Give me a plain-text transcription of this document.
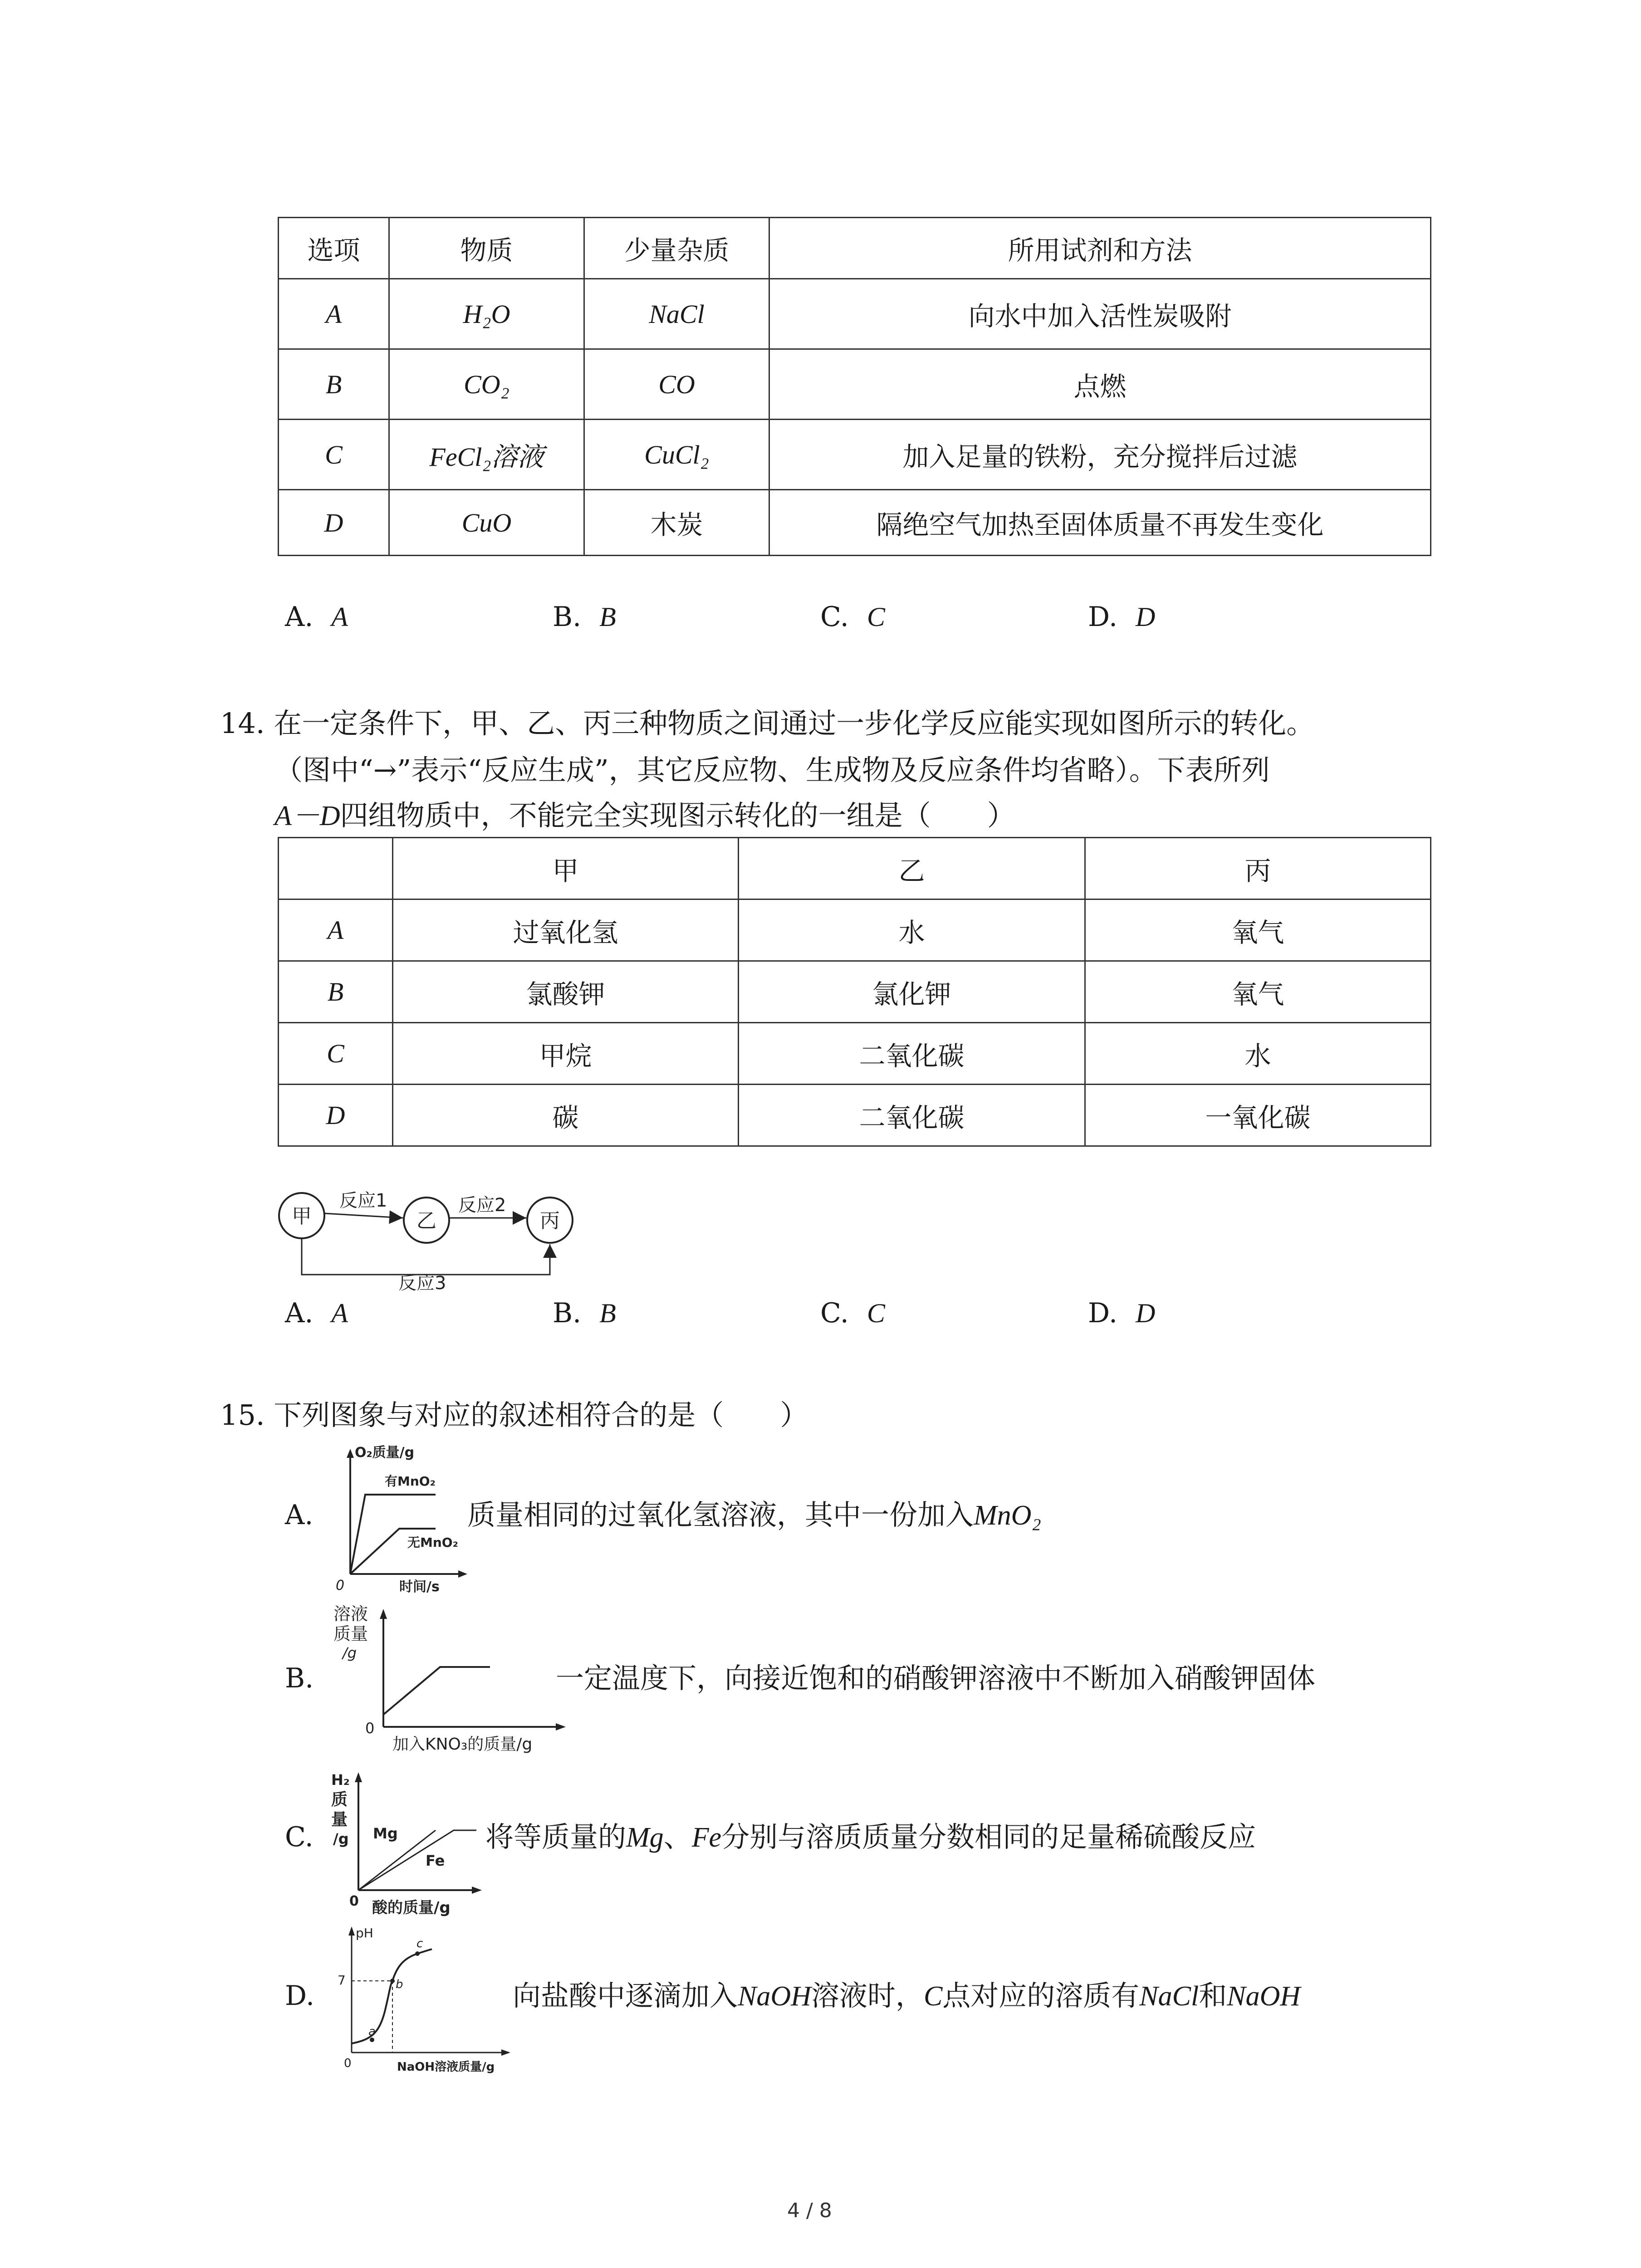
选项	物质	少量杂质	所用试剂和方法
A	H₂O	NaCl	向水中加入活性炭吸附
B	CO₂	CO	点燃
C	FeCl₂溶液	CuCl₂	加入足量的铁粉，充分搅拌后过滤
D	CuO	木炭	隔绝空气加热至固体质量不再发生变化
A. A	B. B	C. C	D. D
14. 在一定条件下，甲、乙、丙三种物质之间通过一步化学反应能实现如图所示的转化。
（图中“→”表示“反应生成”，其它反应物、生成物及反应条件均省略）。下表所列
A－D四组物质中，不能完全实现图示转化的一组是（　　）
	甲	乙	丙
A	过氧化氢	水	氧气
B	氯酸钾	氯化钾	氧气
C	甲烷	二氧化碳	水
D	碳	二氧化碳	一氧化碳
甲	乙	丙
反应1	反应2
反应3
A. A	B. B	C. C	D. D
15. 下列图象与对应的叙述相符合的是（　　）
A.
O₂质量/g
有MnO₂
无MnO₂
0	时间/s
质量相同的过氧化氢溶液，其中一份加入MnO₂
B.
溶液
质量
/g
0
加入KNO₃的质量/g
一定温度下，向接近饱和的硝酸钾溶液中不断加入硝酸钾固体
C.
H₂
质
量
/g Mg
Fe
0 酸的质量/g
将等质量的Mg、Fe分别与溶质质量分数相同的足量稀硫酸反应
D.
pH
7
a
b
c
0	NaOH溶液质量/g
向盐酸中逐滴加入NaOH溶液时，C点对应的溶质有NaCl和NaOH
4 / 8
